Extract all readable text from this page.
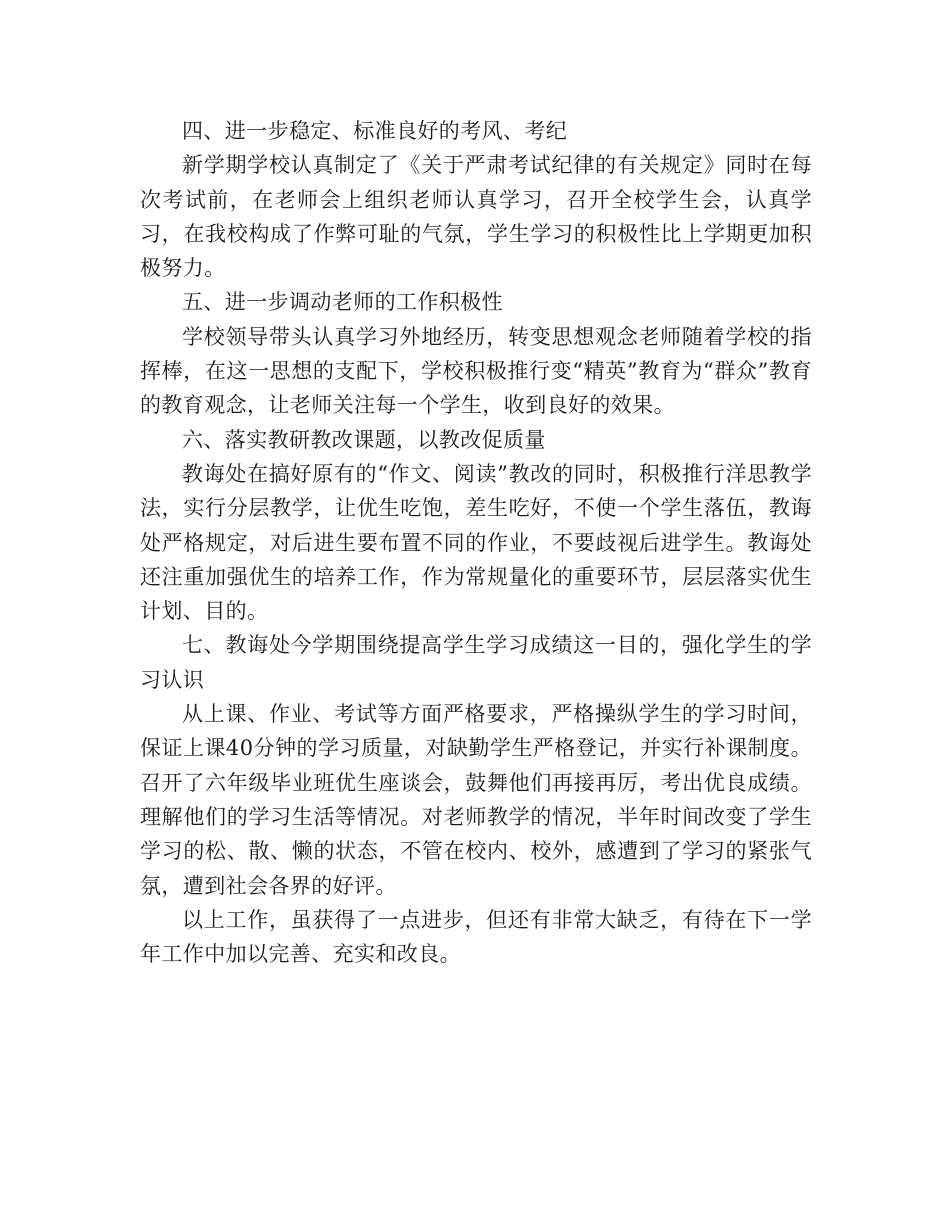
四、进一步稳定、标准良好的考风、考纪

新学期学校认真制定了《关于严肃考试纪律的有关规定》同时在每次考试前，在老师会上组织老师认真学习，召开全校学生会，认真学习，在我校构成了作弊可耻的气氛，学生学习的积极性比上学期更加积极努力。

五、进一步调动老师的工作积极性

学校领导带头认真学习外地经历，转变思想观念老师随着学校的指挥棒，在这一思想的支配下，学校积极推行变“精英”教育为“群众”教育的教育观念，让老师关注每一个学生，收到良好的效果。

六、落实教研教改课题，以教改促质量

教诲处在搞好原有的“作文、阅读”教改的同时，积极推行洋思教学法，实行分层教学，让优生吃饱，差生吃好，不使一个学生落伍，教诲处严格规定，对后进生要布置不同的作业，不要歧视后进学生。教诲处还注重加强优生的培养工作，作为常规量化的重要环节，层层落实优生计划、目的。

七、教诲处今学期围绕提高学生学习成绩这一目的，强化学生的学习认识

从上课、作业、考试等方面严格要求，严格操纵学生的学习时间，保证上课40分钟的学习质量，对缺勤学生严格登记，并实行补课制度。召开了六年级毕业班优生座谈会，鼓舞他们再接再厉，考出优良成绩。理解他们的学习生活等情况。对老师教学的情况，半年时间改变了学生学习的松、散、懒的状态，不管在校内、校外，感遭到了学习的紧张气氛，遭到社会各界的好评。

以上工作，虽获得了一点进步，但还有非常大缺乏，有待在下一学年工作中加以完善、充实和改良。
